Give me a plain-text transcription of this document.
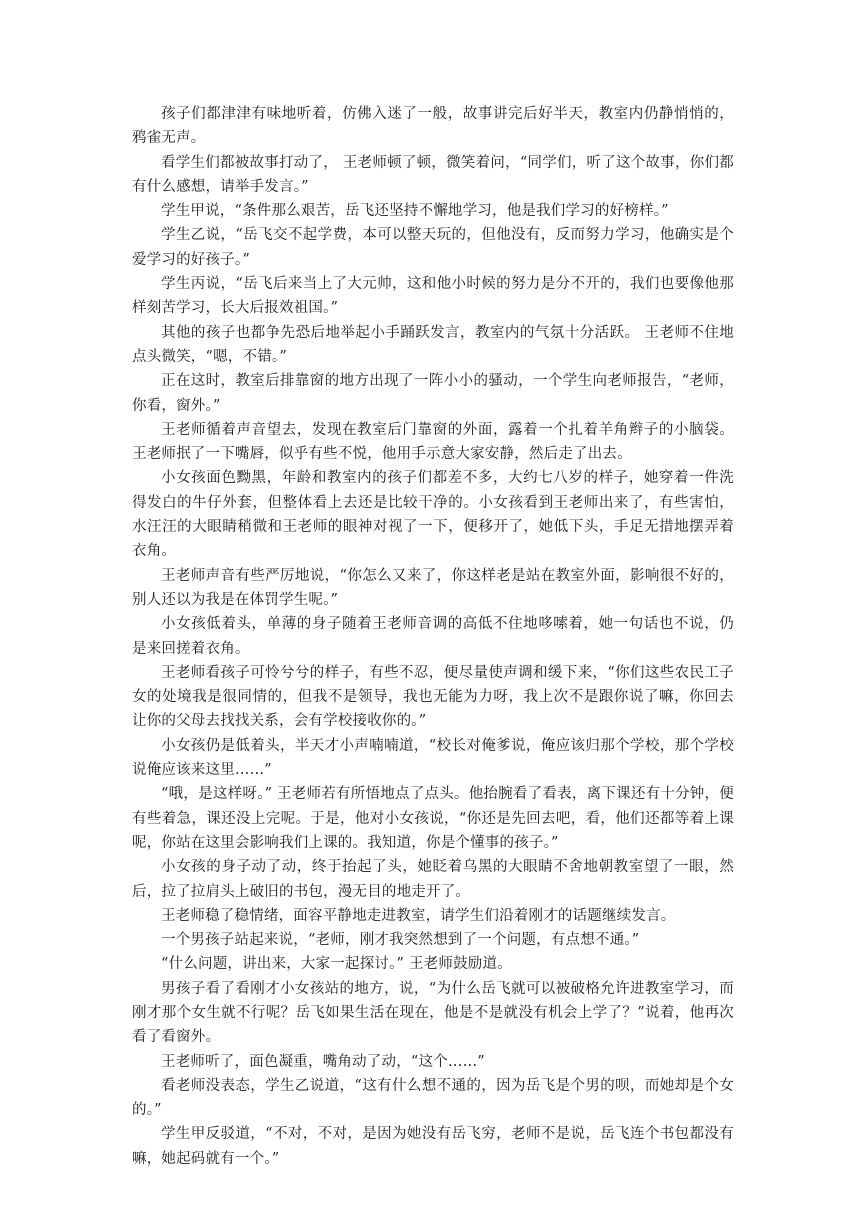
孩子们都津津有味地听着，仿佛入迷了一般，故事讲完后好半天，教室内仍静悄悄的，鸦雀无声。

看学生们都被故事打动了， 王老师顿了顿，微笑着问，“同学们，听了这个故事，你们都有什么感想，请举手发言。”

学生甲说，“条件那么艰苦，岳飞还坚持不懈地学习，他是我们学习的好榜样。”

学生乙说，“岳飞交不起学费，本可以整天玩的，但他没有，反而努力学习，他确实是个爱学习的好孩子。”

学生丙说，“岳飞后来当上了大元帅，这和他小时候的努力是分不开的，我们也要像他那样刻苦学习，长大后报效祖国。”

其他的孩子也都争先恐后地举起小手踊跃发言，教室内的气氛十分活跃。 王老师不住地点头微笑，“嗯，不错。”

正在这时，教室后排靠窗的地方出现了一阵小小的骚动，一个学生向老师报告，“老师，你看，窗外。”

王老师循着声音望去，发现在教室后门靠窗的外面，露着一个扎着羊角辫子的小脑袋。王老师抿了一下嘴唇，似乎有些不悦，他用手示意大家安静，然后走了出去。

小女孩面色黝黑，年龄和教室内的孩子们都差不多，大约七八岁的样子，她穿着一件洗得发白的牛仔外套，但整体看上去还是比较干净的。小女孩看到王老师出来了，有些害怕，水汪汪的大眼睛稍微和王老师的眼神对视了一下，便移开了，她低下头，手足无措地摆弄着衣角。

王老师声音有些严厉地说，“你怎么又来了，你这样老是站在教室外面，影响很不好的，别人还以为我是在体罚学生呢。”

小女孩低着头，单薄的身子随着王老师音调的高低不住地哆嗦着，她一句话也不说，仍是来回搓着衣角。

王老师看孩子可怜兮兮的样子，有些不忍，便尽量使声调和缓下来，“你们这些农民工子女的处境我是很同情的，但我不是领导，我也无能为力呀，我上次不是跟你说了嘛，你回去让你的父母去找找关系，会有学校接收你的。”

小女孩仍是低着头，半天才小声喃喃道，“校长对俺爹说，俺应该归那个学校，那个学校说俺应该来这里……”

“哦，是这样呀。” 王老师若有所悟地点了点头。他抬腕看了看表，离下课还有十分钟，便有些着急，课还没上完呢。于是，他对小女孩说，“你还是先回去吧，看，他们还都等着上课呢，你站在这里会影响我们上课的。我知道，你是个懂事的孩子。”

小女孩的身子动了动，终于抬起了头，她眨着乌黑的大眼睛不舍地朝教室望了一眼，然后，拉了拉肩头上破旧的书包，漫无目的地走开了。

王老师稳了稳情绪，面容平静地走进教室，请学生们沿着刚才的话题继续发言。

一个男孩子站起来说，“老师，刚才我突然想到了一个问题，有点想不通。”

“什么问题，讲出来，大家一起探讨。” 王老师鼓励道。

男孩子看了看刚才小女孩站的地方，说，“为什么岳飞就可以被破格允许进教室学习，而刚才那个女生就不行呢？岳飞如果生活在现在，他是不是就没有机会上学了？”说着，他再次看了看窗外。

王老师听了，面色凝重，嘴角动了动，“这个……”

看老师没表态，学生乙说道，“这有什么想不通的，因为岳飞是个男的呗，而她却是个女的。”

学生甲反驳道，“不对，不对，是因为她没有岳飞穷，老师不是说，岳飞连个书包都没有嘛，她起码就有一个。”
